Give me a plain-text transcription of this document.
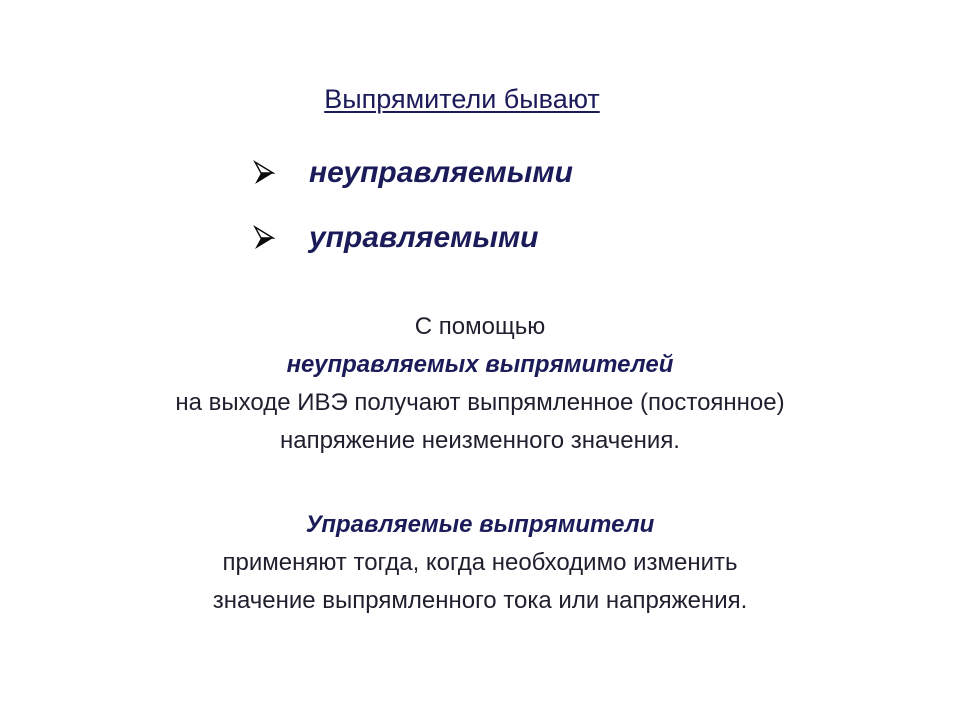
Выпрямители бывают
неуправляемыми
управляемыми
С помощью
неуправляемых выпрямителей
на выходе ИВЭ получают выпрямленное (постоянное)
напряжение неизменного значения.
Управляемые выпрямители
применяют тогда, когда необходимо изменить
значение выпрямленного тока или напряжения.
